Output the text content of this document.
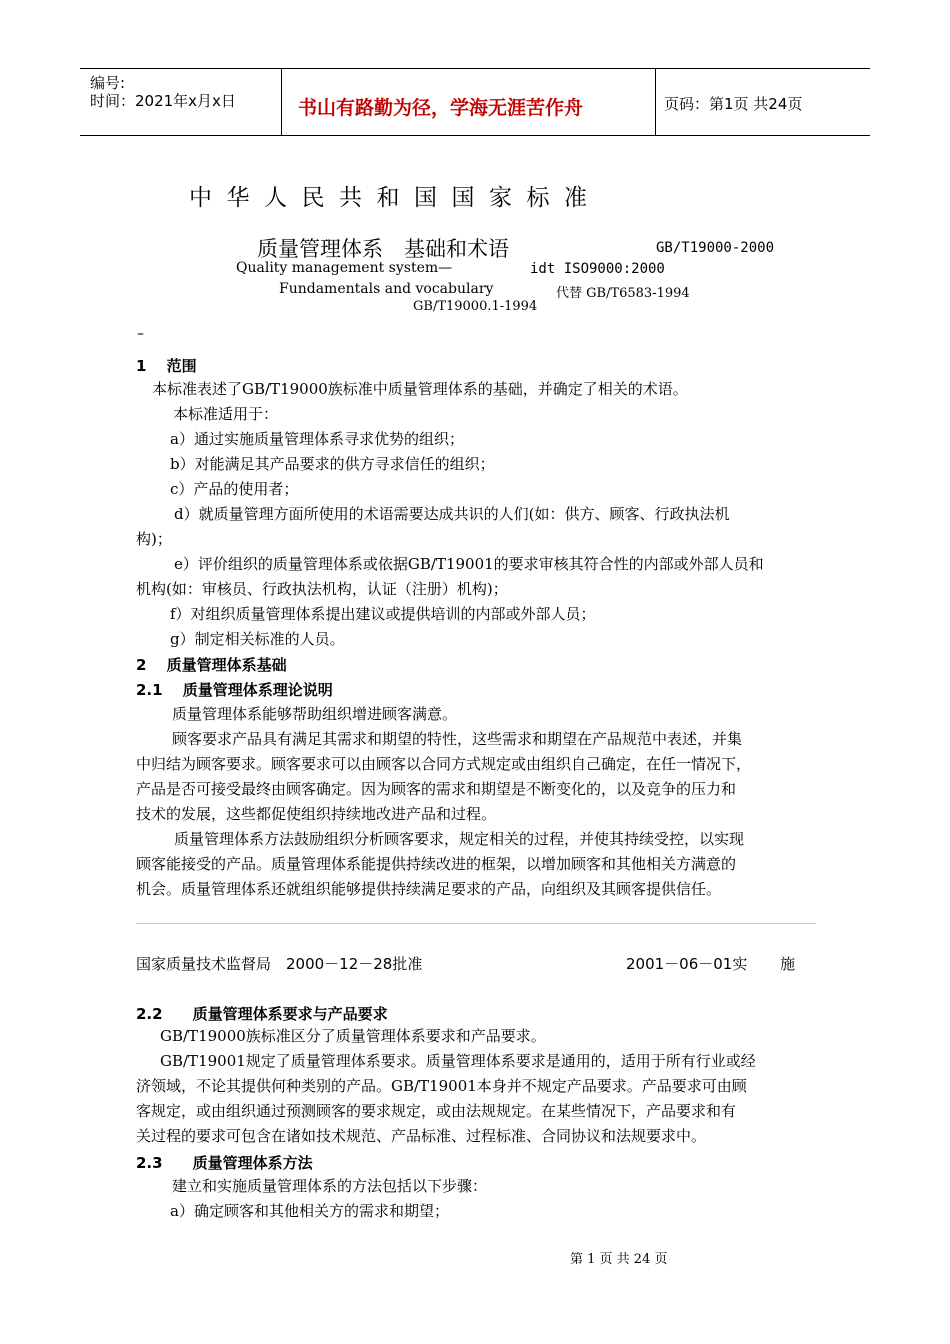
编号:
时间：2021年x月x日	书山有路勤为径，学海无涯苦作舟	页码：第1页 共24页
中华人民共和国国家标准
质量管理体系　基础和术语	GB/T19000-2000
Quality management system—	idt ISO9000:2000
Fundamentals and vocabulary	代替 GB/T6583-1994
GB/T19000.1-1994
–
1　 范围
本标准表述了GB/T19000族标准中质量管理体系的基础，并确定了相关的术语。
本标准适用于：
a）通过实施质量管理体系寻求优势的组织；
b）对能满足其产品要求的供方寻求信任的组织；
c）产品的使用者；
d）就质量管理方面所使用的术语需要达成共识的人们(如：供方、顾客、行政执法机
构)；
e）评价组织的质量管理体系或依据GB/T19001的要求审核其符合性的内部或外部人员和
机构(如：审核员、行政执法机构，认证（注册）机构)；
f）对组织质量管理体系提出建议或提供培训的内部或外部人员；
g）制定相关标准的人员。
2　 质量管理体系基础
2.1　 质量管理体系理论说明
质量管理体系能够帮助组织增进顾客满意。
顾客要求产品具有满足其需求和期望的特性，这些需求和期望在产品规范中表述，并集
中归结为顾客要求。顾客要求可以由顾客以合同方式规定或由组织自己确定，在任一情况下，
产品是否可接受最终由顾客确定。因为顾客的需求和期望是不断变化的，以及竞争的压力和
技术的发展，这些都促使组织持续地改进产品和过程。
质量管理体系方法鼓励组织分析顾客要求，规定相关的过程，并使其持续受控，以实现
顾客能接受的产品。质量管理体系能提供持续改进的框架，以增加顾客和其他相关方满意的
机会。质量管理体系还就组织能够提供持续满足要求的产品，向组织及其顾客提供信任。
国家质量技术监督局　2000－12－28批准	2001－06－01实 施
2.2　　质量管理体系要求与产品要求
GB/T19000族标准区分了质量管理体系要求和产品要求。
GB/T19001规定了质量管理体系要求。质量管理体系要求是通用的，适用于所有行业或经
济领域，不论其提供何种类别的产品。GB/T19001本身并不规定产品要求。产品要求可由顾
客规定，或由组织通过预测顾客的要求规定，或由法规规定。在某些情况下，产品要求和有
关过程的要求可包含在诸如技术规范、产品标准、过程标准、合同协议和法规要求中。
2.3　　质量管理体系方法
建立和实施质量管理体系的方法包括以下步骤：
a）确定顾客和其他相关方的需求和期望；
第 1 页 共 24 页
